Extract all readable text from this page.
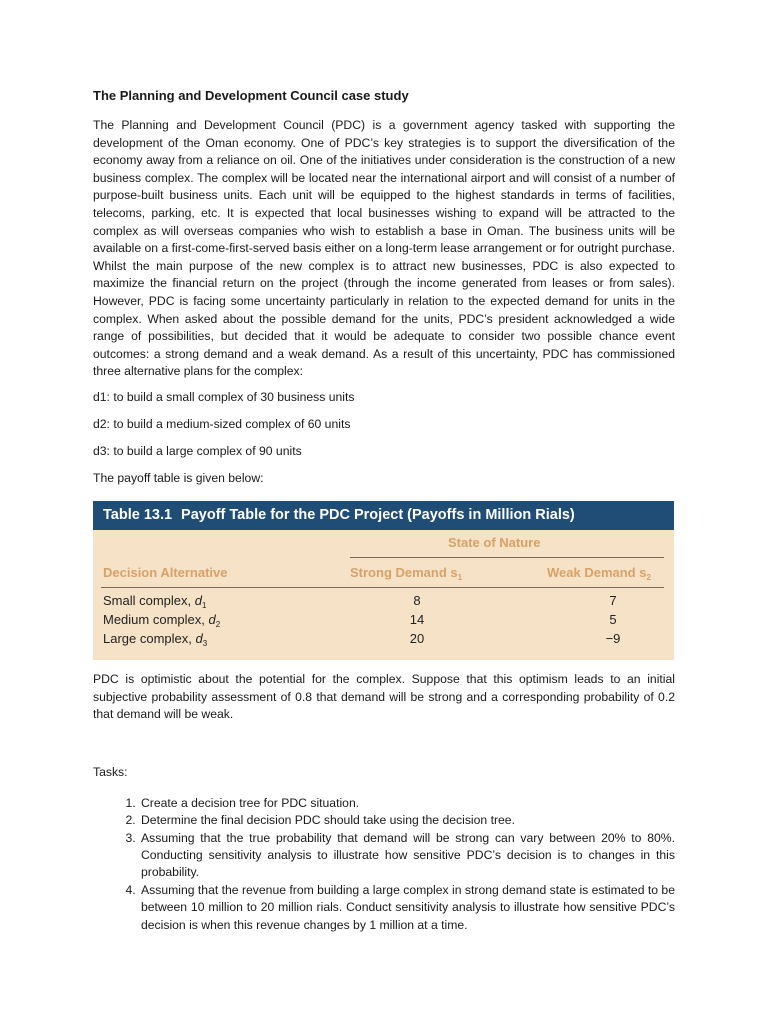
The Planning and Development Council case study

The Planning and Development Council (PDC) is a government agency tasked with supporting the development of the Oman economy. One of PDC’s key strategies is to support the diversification of the economy away from a reliance on oil. One of the initiatives under consideration is the construction of a new business complex. The complex will be located near the international airport and will consist of a number of purpose-built business units. Each unit will be equipped to the highest standards in terms of facilities, telecoms, parking, etc. It is expected that local businesses wishing to expand will be attracted to the complex as will overseas companies who wish to establish a base in Oman. The business units will be available on a first-come-first-served basis either on a long-term lease arrangement or for outright purchase. Whilst the main purpose of the new complex is to attract new businesses, PDC is also expected to maximize the financial return on the project (through the income generated from leases or from sales). However, PDC is facing some uncertainty particularly in relation to the expected demand for units in the complex. When asked about the possible demand for the units, PDC’s president acknowledged a wide range of possibilities, but decided that it would be adequate to consider two possible chance event outcomes: a strong demand and a weak demand. As a result of this uncertainty, PDC has commissioned three alternative plans for the complex:

d1: to build a small complex of 30 business units

d2: to build a medium-sized complex of 60 units

d3: to build a large complex of 90 units

The payoff table is given below:

Table 13.1 Payoff Table for the PDC Project (Payoffs in Million Rials)
State of Nature
Decision Alternative	Strong Demand $s_1$	Weak Demand $s_2$
Small complex, $d_1$	8	7
Medium complex, $d_2$	14	5
Large complex, $d_3$	20	−9

PDC is optimistic about the potential for the complex. Suppose that this optimism leads to an initial subjective probability assessment of 0.8 that demand will be strong and a corresponding probability of 0.2 that demand will be weak.

Tasks:

1. Create a decision tree for PDC situation.
2. Determine the final decision PDC should take using the decision tree.
3. Assuming that the true probability that demand will be strong can vary between 20% to 80%. Conducting sensitivity analysis to illustrate how sensitive PDC’s decision is to changes in this probability.
4. Assuming that the revenue from building a large complex in strong demand state is estimated to be between 10 million to 20 million rials. Conduct sensitivity analysis to illustrate how sensitive PDC’s decision is when this revenue changes by 1 million at a time.
